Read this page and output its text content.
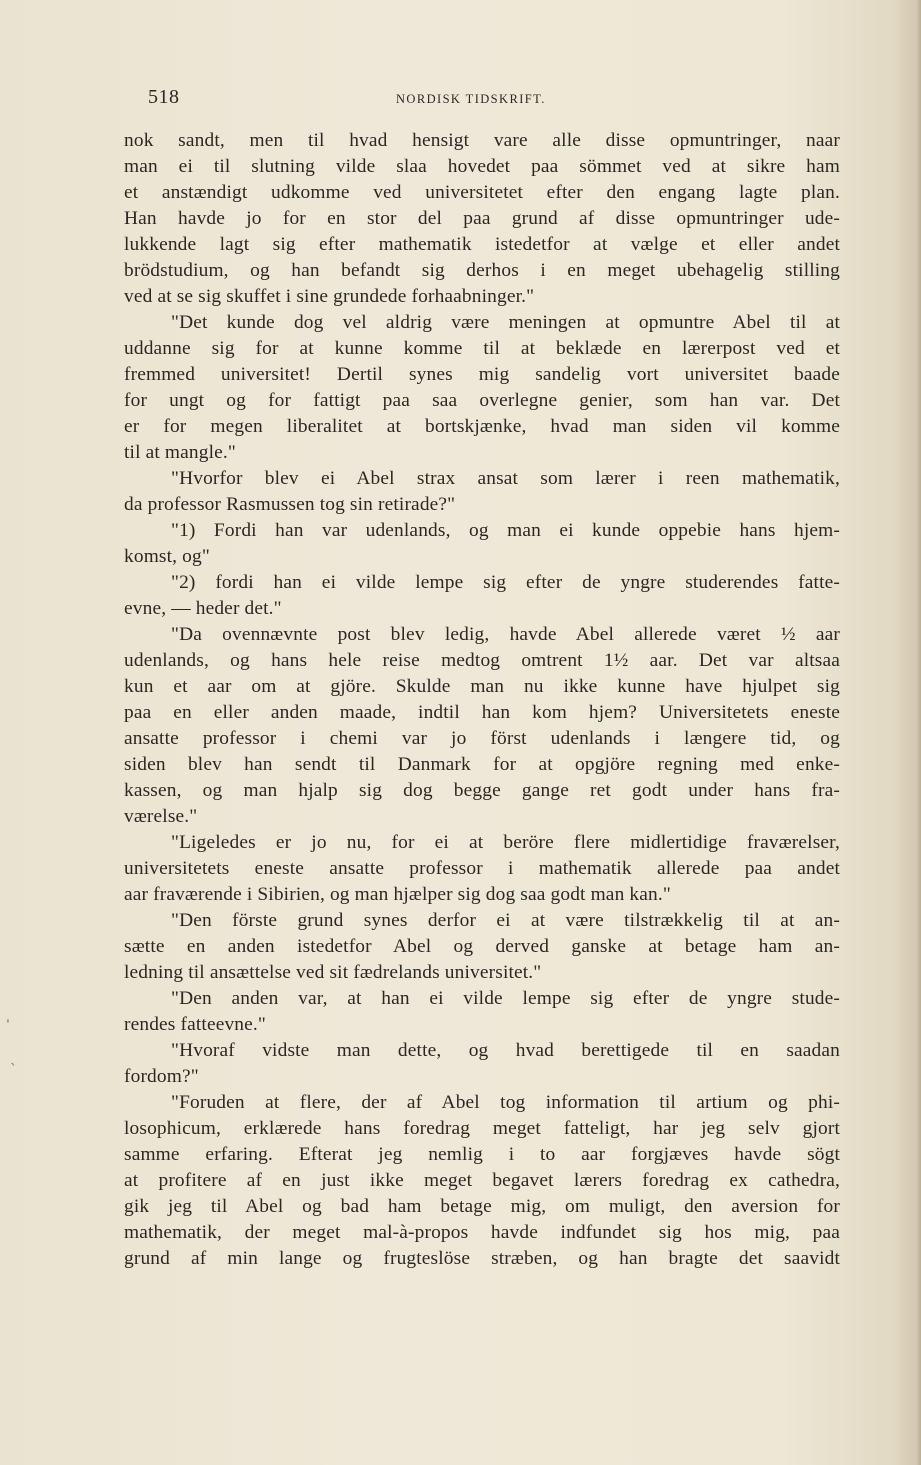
518	NORDISK TIDSKRIFT.
nok sandt, men til hvad hensigt vare alle disse opmuntringer, naar
man ei til slutning vilde slaa hovedet paa sömmet ved at sikre ham
et anstændigt udkomme ved universitetet efter den engang lagte plan.
Han havde jo for en stor del paa grund af disse opmuntringer ude-
lukkende lagt sig efter mathematik istedetfor at vælge et eller andet
brödstudium, og han befandt sig derhos i en meget ubehagelig stilling
ved at se sig skuffet i sine grundede forhaabninger."
"Det kunde dog vel aldrig være meningen at opmuntre Abel til at
uddanne sig for at kunne komme til at beklæde en lærerpost ved et
fremmed universitet! Dertil synes mig sandelig vort universitet baade
for ungt og for fattigt paa saa overlegne genier, som han var. Det
er for megen liberalitet at bortskjænke, hvad man siden vil komme
til at mangle."
"Hvorfor blev ei Abel strax ansat som lærer i reen mathematik,
da professor Rasmussen tog sin retirade?"
"1) Fordi han var udenlands, og man ei kunde oppebie hans hjem-
komst, og"
"2) fordi han ei vilde lempe sig efter de yngre studerendes fatte-
evne, — heder det."
"Da ovennævnte post blev ledig, havde Abel allerede været ½ aar
udenlands, og hans hele reise medtog omtrent 1½ aar. Det var altsaa
kun et aar om at gjöre. Skulde man nu ikke kunne have hjulpet sig
paa en eller anden maade, indtil han kom hjem? Universitetets eneste
ansatte professor i chemi var jo först udenlands i længere tid, og
siden blev han sendt til Danmark for at opgjöre regning med enke-
kassen, og man hjalp sig dog begge gange ret godt under hans fra-
værelse."
"Ligeledes er jo nu, for ei at beröre flere midlertidige fraværelser,
universitetets eneste ansatte professor i mathematik allerede paa andet
aar fraværende i Sibirien, og man hjælper sig dog saa godt man kan."
"Den förste grund synes derfor ei at være tilstrækkelig til at an-
sætte en anden istedetfor Abel og derved ganske at betage ham an-
ledning til ansættelse ved sit fædrelands universitet."
"Den anden var, at han ei vilde lempe sig efter de yngre stude-
rendes fatteevne."
"Hvoraf vidste man dette, og hvad berettigede til en saadan
fordom?"
"Foruden at flere, der af Abel tog information til artium og phi-
losophicum, erklærede hans foredrag meget fatteligt, har jeg selv gjort
samme erfaring. Efterat jeg nemlig i to aar forgjæves havde sögt
at profitere af en just ikke meget begavet lærers foredrag ex cathedra,
gik jeg til Abel og bad ham betage mig, om muligt, den aversion for
mathematik, der meget mal-à-propos havde indfundet sig hos mig, paa
grund af min lange og frugteslöse stræben, og han bragte det saavidt
ˈ
ˋ
